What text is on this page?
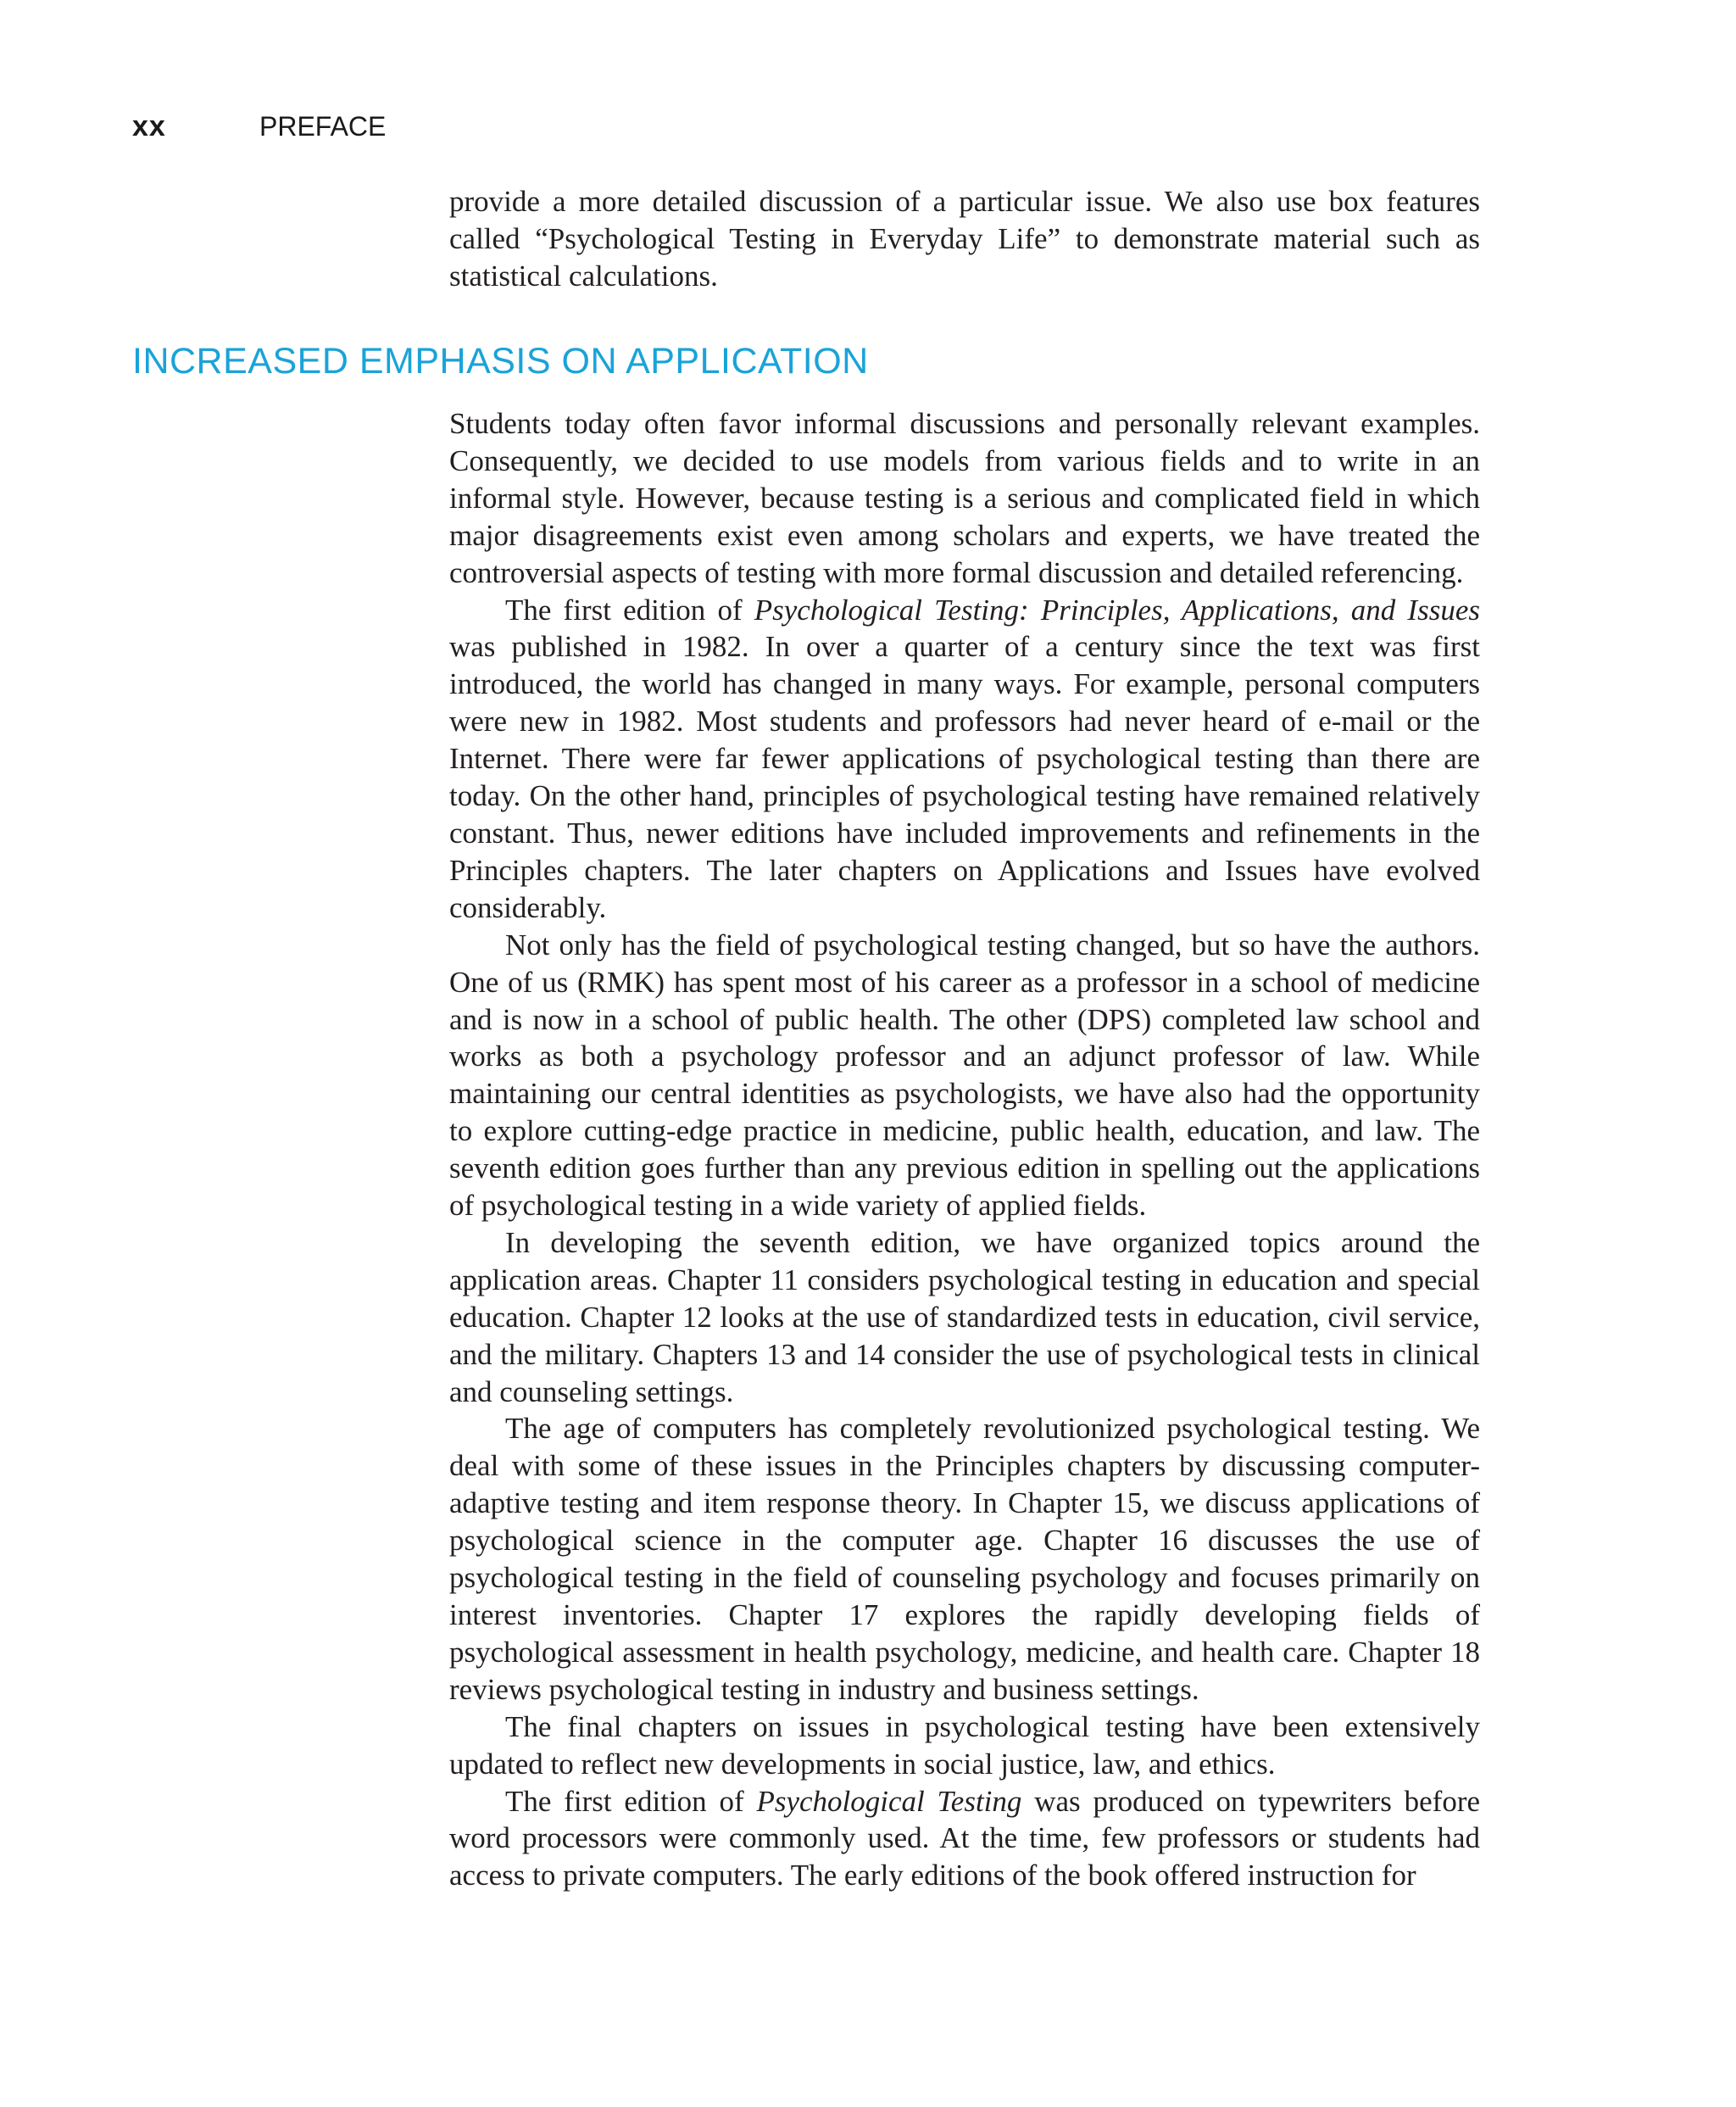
xx	PREFACE

provide a more detailed discussion of a particular issue. We also use box features called “Psychological Testing in Everyday Life” to demonstrate material such as statistical calculations.

INCREASED EMPHASIS ON APPLICATION

Students today often favor informal discussions and personally relevant examples. Consequently, we decided to use models from various fields and to write in an informal style. However, because testing is a serious and complicated field in which major disagreements exist even among scholars and experts, we have treated the controversial aspects of testing with more formal discussion and detailed referencing.

The first edition of Psychological Testing: Principles, Applications, and Issues was published in 1982. In over a quarter of a century since the text was first introduced, the world has changed in many ways. For example, personal computers were new in 1982. Most students and professors had never heard of e-mail or the Internet. There were far fewer applications of psychological testing than there are today. On the other hand, principles of psychological testing have remained relatively constant. Thus, newer editions have included improvements and refinements in the Principles chapters. The later chapters on Applications and Issues have evolved considerably.

Not only has the field of psychological testing changed, but so have the authors. One of us (RMK) has spent most of his career as a professor in a school of medicine and is now in a school of public health. The other (DPS) completed law school and works as both a psychology professor and an adjunct professor of law. While maintaining our central identities as psychologists, we have also had the opportunity to explore cutting-edge practice in medicine, public health, education, and law. The seventh edition goes further than any previous edition in spelling out the applications of psychological testing in a wide variety of applied fields.

In developing the seventh edition, we have organized topics around the application areas. Chapter 11 considers psychological testing in education and special education. Chapter 12 looks at the use of standardized tests in education, civil service, and the military. Chapters 13 and 14 consider the use of psychological tests in clinical and counseling settings.

The age of computers has completely revolutionized psychological testing. We deal with some of these issues in the Principles chapters by discussing computer-adaptive testing and item response theory. In Chapter 15, we discuss applications of psychological science in the computer age. Chapter 16 discusses the use of psychological testing in the field of counseling psychology and focuses primarily on interest inventories. Chapter 17 explores the rapidly developing fields of psychological assessment in health psychology, medicine, and health care. Chapter 18 reviews psychological testing in industry and business settings.

The final chapters on issues in psychological testing have been extensively updated to reflect new developments in social justice, law, and ethics.

The first edition of Psychological Testing was produced on typewriters before word processors were commonly used. At the time, few professors or students had access to private computers. The early editions of the book offered instruction for
